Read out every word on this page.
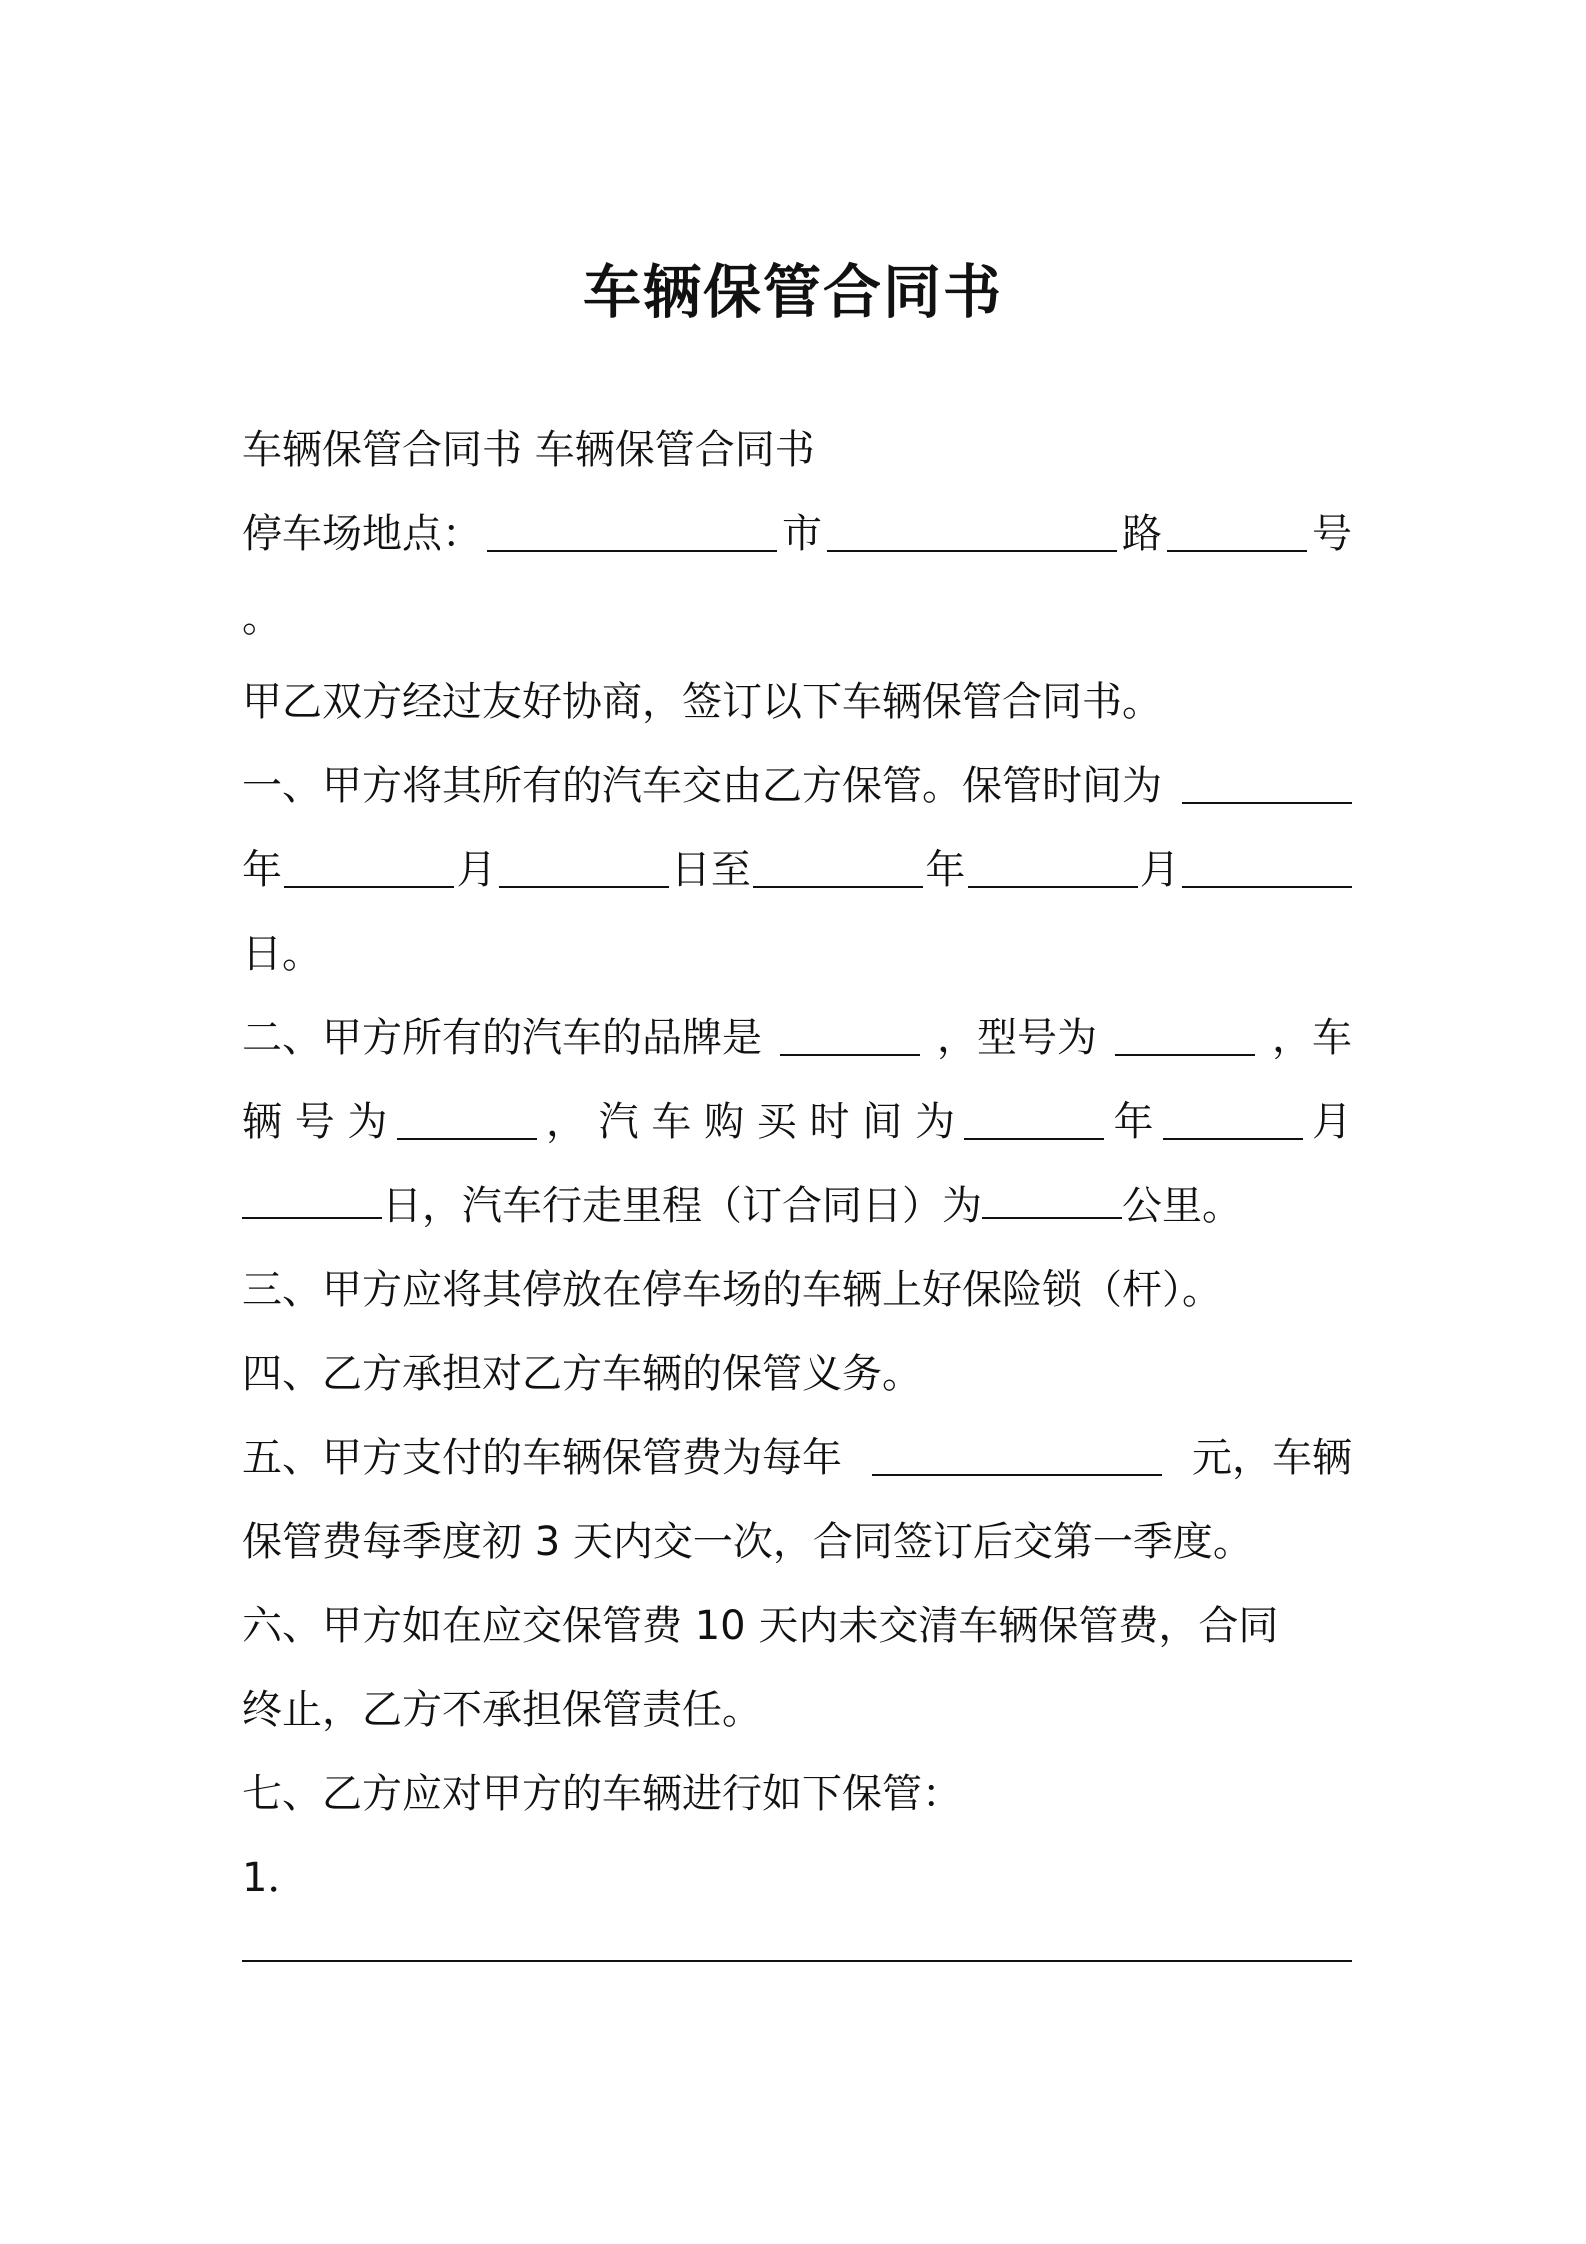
车辆保管合同书
车辆保管合同书 车辆保管合同书
停车场地点：	市	路	号
。
甲乙双方经过友好协商，签订以下车辆保管合同书。
一、甲方将其所有的汽车交由乙方保管。保管时间为
年	月	日至	年	月
日。
二、甲方所有的汽车的品牌是	，型号为	，车
辆 号 为	， 汽 车 购 买 时 间 为	年	月
日，汽车行走里程（订合同日）为	公里。
三、甲方应将其停放在停车场的车辆上好保险锁（杆）。
四、乙方承担对乙方车辆的保管义务。
五、甲方支付的车辆保管费为每年	元，车辆
保管费每季度初 3 天内交一次，合同签订后交第一季度。
六、甲方如在应交保管费 10 天内未交清车辆保管费，合同
终止，乙方不承担保管责任。
七、乙方应对甲方的车辆进行如下保管：
1．
